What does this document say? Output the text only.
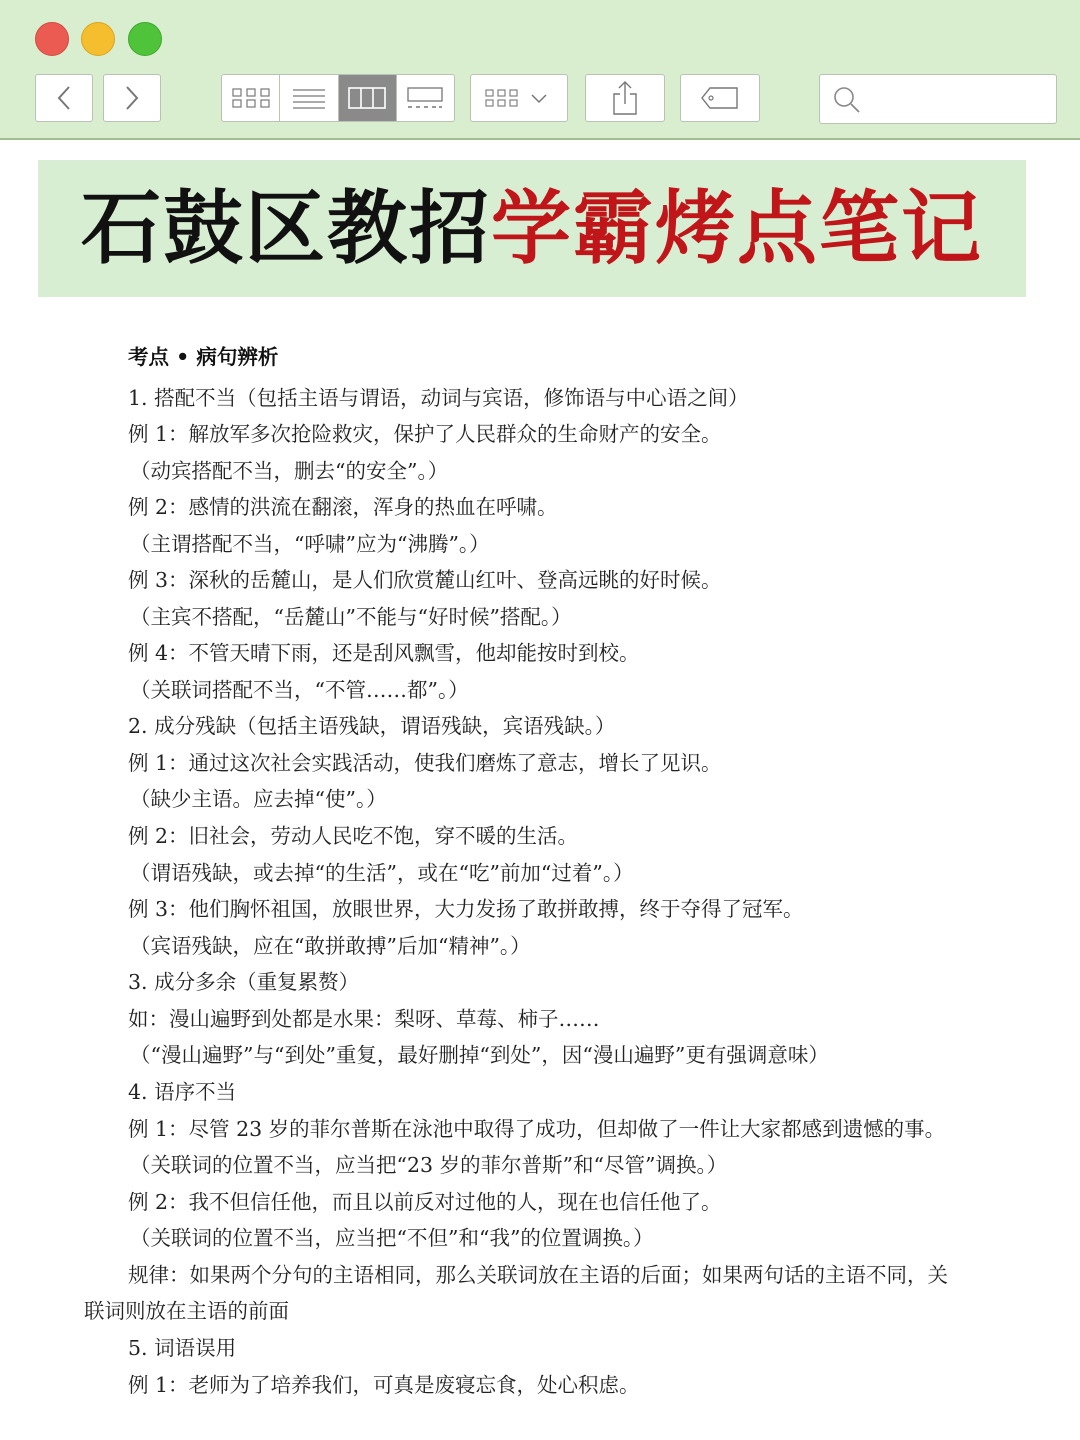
石鼓区教招 学霸烤点笔记
考点 • 病句辨析
1. 搭配不当（包括主语与谓语，动词与宾语，修饰语与中心语之间）
例 1：解放军多次抢险救灾，保护了人民群众的生命财产的安全。
（动宾搭配不当，删去“的安全”。）
例 2：感情的洪流在翻滚，浑身的热血在呼啸。
（主谓搭配不当，“呼啸”应为“沸腾”。）
例 3：深秋的岳麓山，是人们欣赏麓山红叶、登高远眺的好时候。
（主宾不搭配，“岳麓山”不能与“好时候”搭配。）
例 4：不管天晴下雨，还是刮风飘雪，他却能按时到校。
（关联词搭配不当，“不管……都”。）
2. 成分残缺（包括主语残缺，谓语残缺，宾语残缺。）
例 1：通过这次社会实践活动，使我们磨炼了意志，增长了见识。
（缺少主语。应去掉“使”。）
例 2：旧社会，劳动人民吃不饱，穿不暖的生活。
（谓语残缺，或去掉“的生活”，或在“吃”前加“过着”。）
例 3：他们胸怀祖国，放眼世界，大力发扬了敢拼敢搏，终于夺得了冠军。
（宾语残缺，应在“敢拼敢搏”后加“精神”。）
3. 成分多余（重复累赘）
如：漫山遍野到处都是水果：梨呀、草莓、柿子……
（“漫山遍野”与“到处”重复，最好删掉“到处”，因“漫山遍野”更有强调意味）
4. 语序不当
例 1：尽管 23 岁的菲尔普斯在泳池中取得了成功，但却做了一件让大家都感到遗憾的事。
（关联词的位置不当，应当把“23 岁的菲尔普斯”和“尽管”调换。）
例 2：我不但信任他，而且以前反对过他的人，现在也信任他了。
（关联词的位置不当，应当把“不但”和“我”的位置调换。）
规律：如果两个分句的主语相同，那么关联词放在主语的后面；如果两句话的主语不同，关
联词则放在主语的前面
5. 词语误用
例 1：老师为了培养我们，可真是废寝忘食，处心积虑。
